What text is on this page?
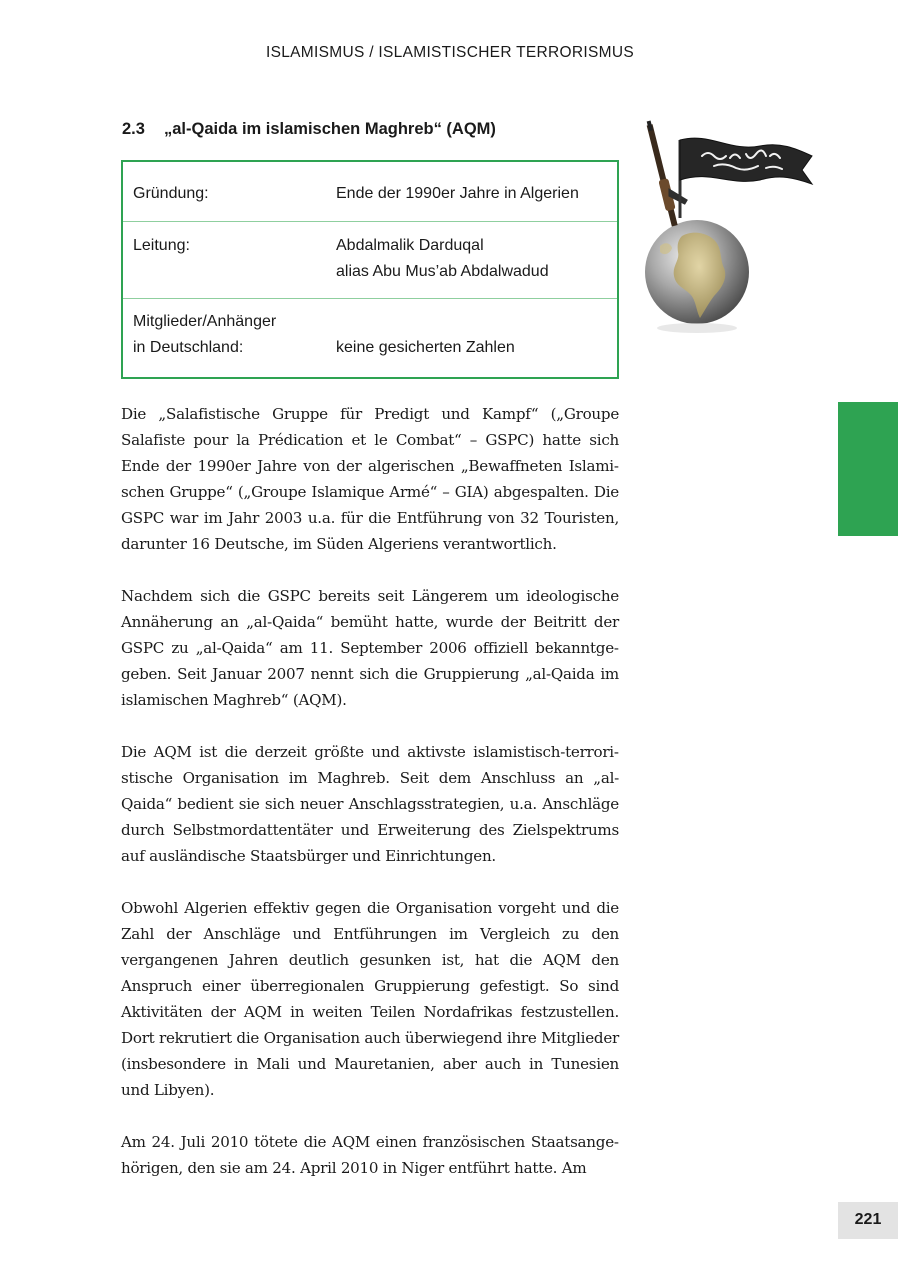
ISLAMISMUS / ISLAMISTISCHER TERRORISMUS
2.3 „al-Qaida im islamischen Maghreb“ (AQM)
Gründung:	Ende der 1990er Jahre in Algerien
Leitung:	Abdalmalik Darduqal
alias Abu Mus’ab Abdalwadud
Mitglieder/Anhänger
in Deutschland:	keine gesicherten Zahlen

Die „Salafistische Gruppe für Predigt und Kampf“ („Groupe Salafiste pour la Prédication et le Combat“ – GSPC) hatte sich Ende der 1990er Jahre von der algerischen „Bewaffneten Islamischen Gruppe“ („Groupe Islamique Armé“ – GIA) abgespalten. Die GSPC war im Jahr 2003 u.a. für die Entführung von 32 Touristen, darunter 16 Deutsche, im Süden Algeriens verantwortlich.

Nachdem sich die GSPC bereits seit Längerem um ideologische Annäherung an „al-Qaida“ bemüht hatte, wurde der Beitritt der GSPC zu „al-Qaida“ am 11. September 2006 offiziell bekanntgegeben. Seit Januar 2007 nennt sich die Gruppierung „al-Qaida im islamischen Maghreb“ (AQM).

Die AQM ist die derzeit größte und aktivste islamistisch-terroristische Organisation im Maghreb. Seit dem Anschluss an „al-Qaida“ bedient sie sich neuer Anschlagsstrategien, u.a. Anschläge durch Selbstmordattentäter und Erweiterung des Zielspektrums auf ausländische Staatsbürger und Einrichtungen.

Obwohl Algerien effektiv gegen die Organisation vorgeht und die Zahl der Anschläge und Entführungen im Vergleich zu den vergangenen Jahren deutlich gesunken ist, hat die AQM den Anspruch einer überregionalen Gruppierung gefestigt. So sind Aktivitäten der AQM in weiten Teilen Nordafrikas festzustellen. Dort rekrutiert die Organisation auch überwiegend ihre Mitglieder (insbesondere in Mali und Mauretanien, aber auch in Tunesien und Libyen).

Am 24. Juli 2010 tötete die AQM einen französischen Staatsangehörigen, den sie am 24. April 2010 in Niger entführt hatte. Am

221
